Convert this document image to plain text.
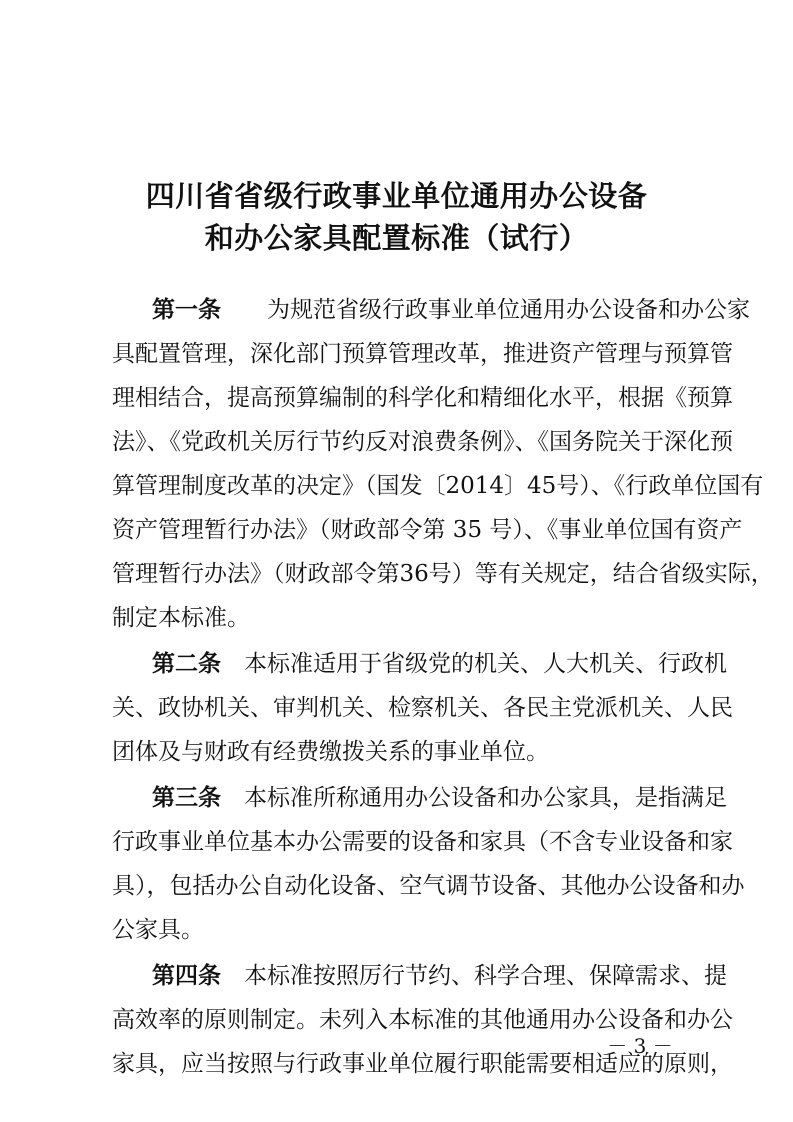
四川省省级行政事业单位通用办公设备
和办公家具配置标准（试行）
第一条　　 为规范省级行政事业单位通用办公设备和办公家
具配置管理，深化部门预算管理改革，推进资产管理与预算管
理相结合，提高预算编制的科学化和精细化水平，根据《预算
法》、《党政机关厉行节约反对浪费条例》、《国务院关于深化预
算管理制度改革的决定》（国发〔2014〕45号）、《行政单位国有
资产管理暂行办法》（财政部令第 35 号）、《事业单位国有资产
管理暂行办法》（财政部令第36号）等有关规定，结合省级实际，
制定本标准。
第二条　 本标准适用于省级党的机关、人大机关、行政机
关、政协机关、审判机关、检察机关、各民主党派机关、人民
团体及与财政有经费缴拨关系的事业单位。
第三条　 本标准所称通用办公设备和办公家具，是指满足
行政事业单位基本办公需要的设备和家具（不含专业设备和家
具），包括办公自动化设备、空气调节设备、其他办公设备和办
公家具。
第四条　 本标准按照厉行节约、科学合理、保障需求、提
高效率的原则制定。未列入本标准的其他通用办公设备和办公
家具，应当按照与行政事业单位履行职能需要相适应的原则，
－ 3 －
